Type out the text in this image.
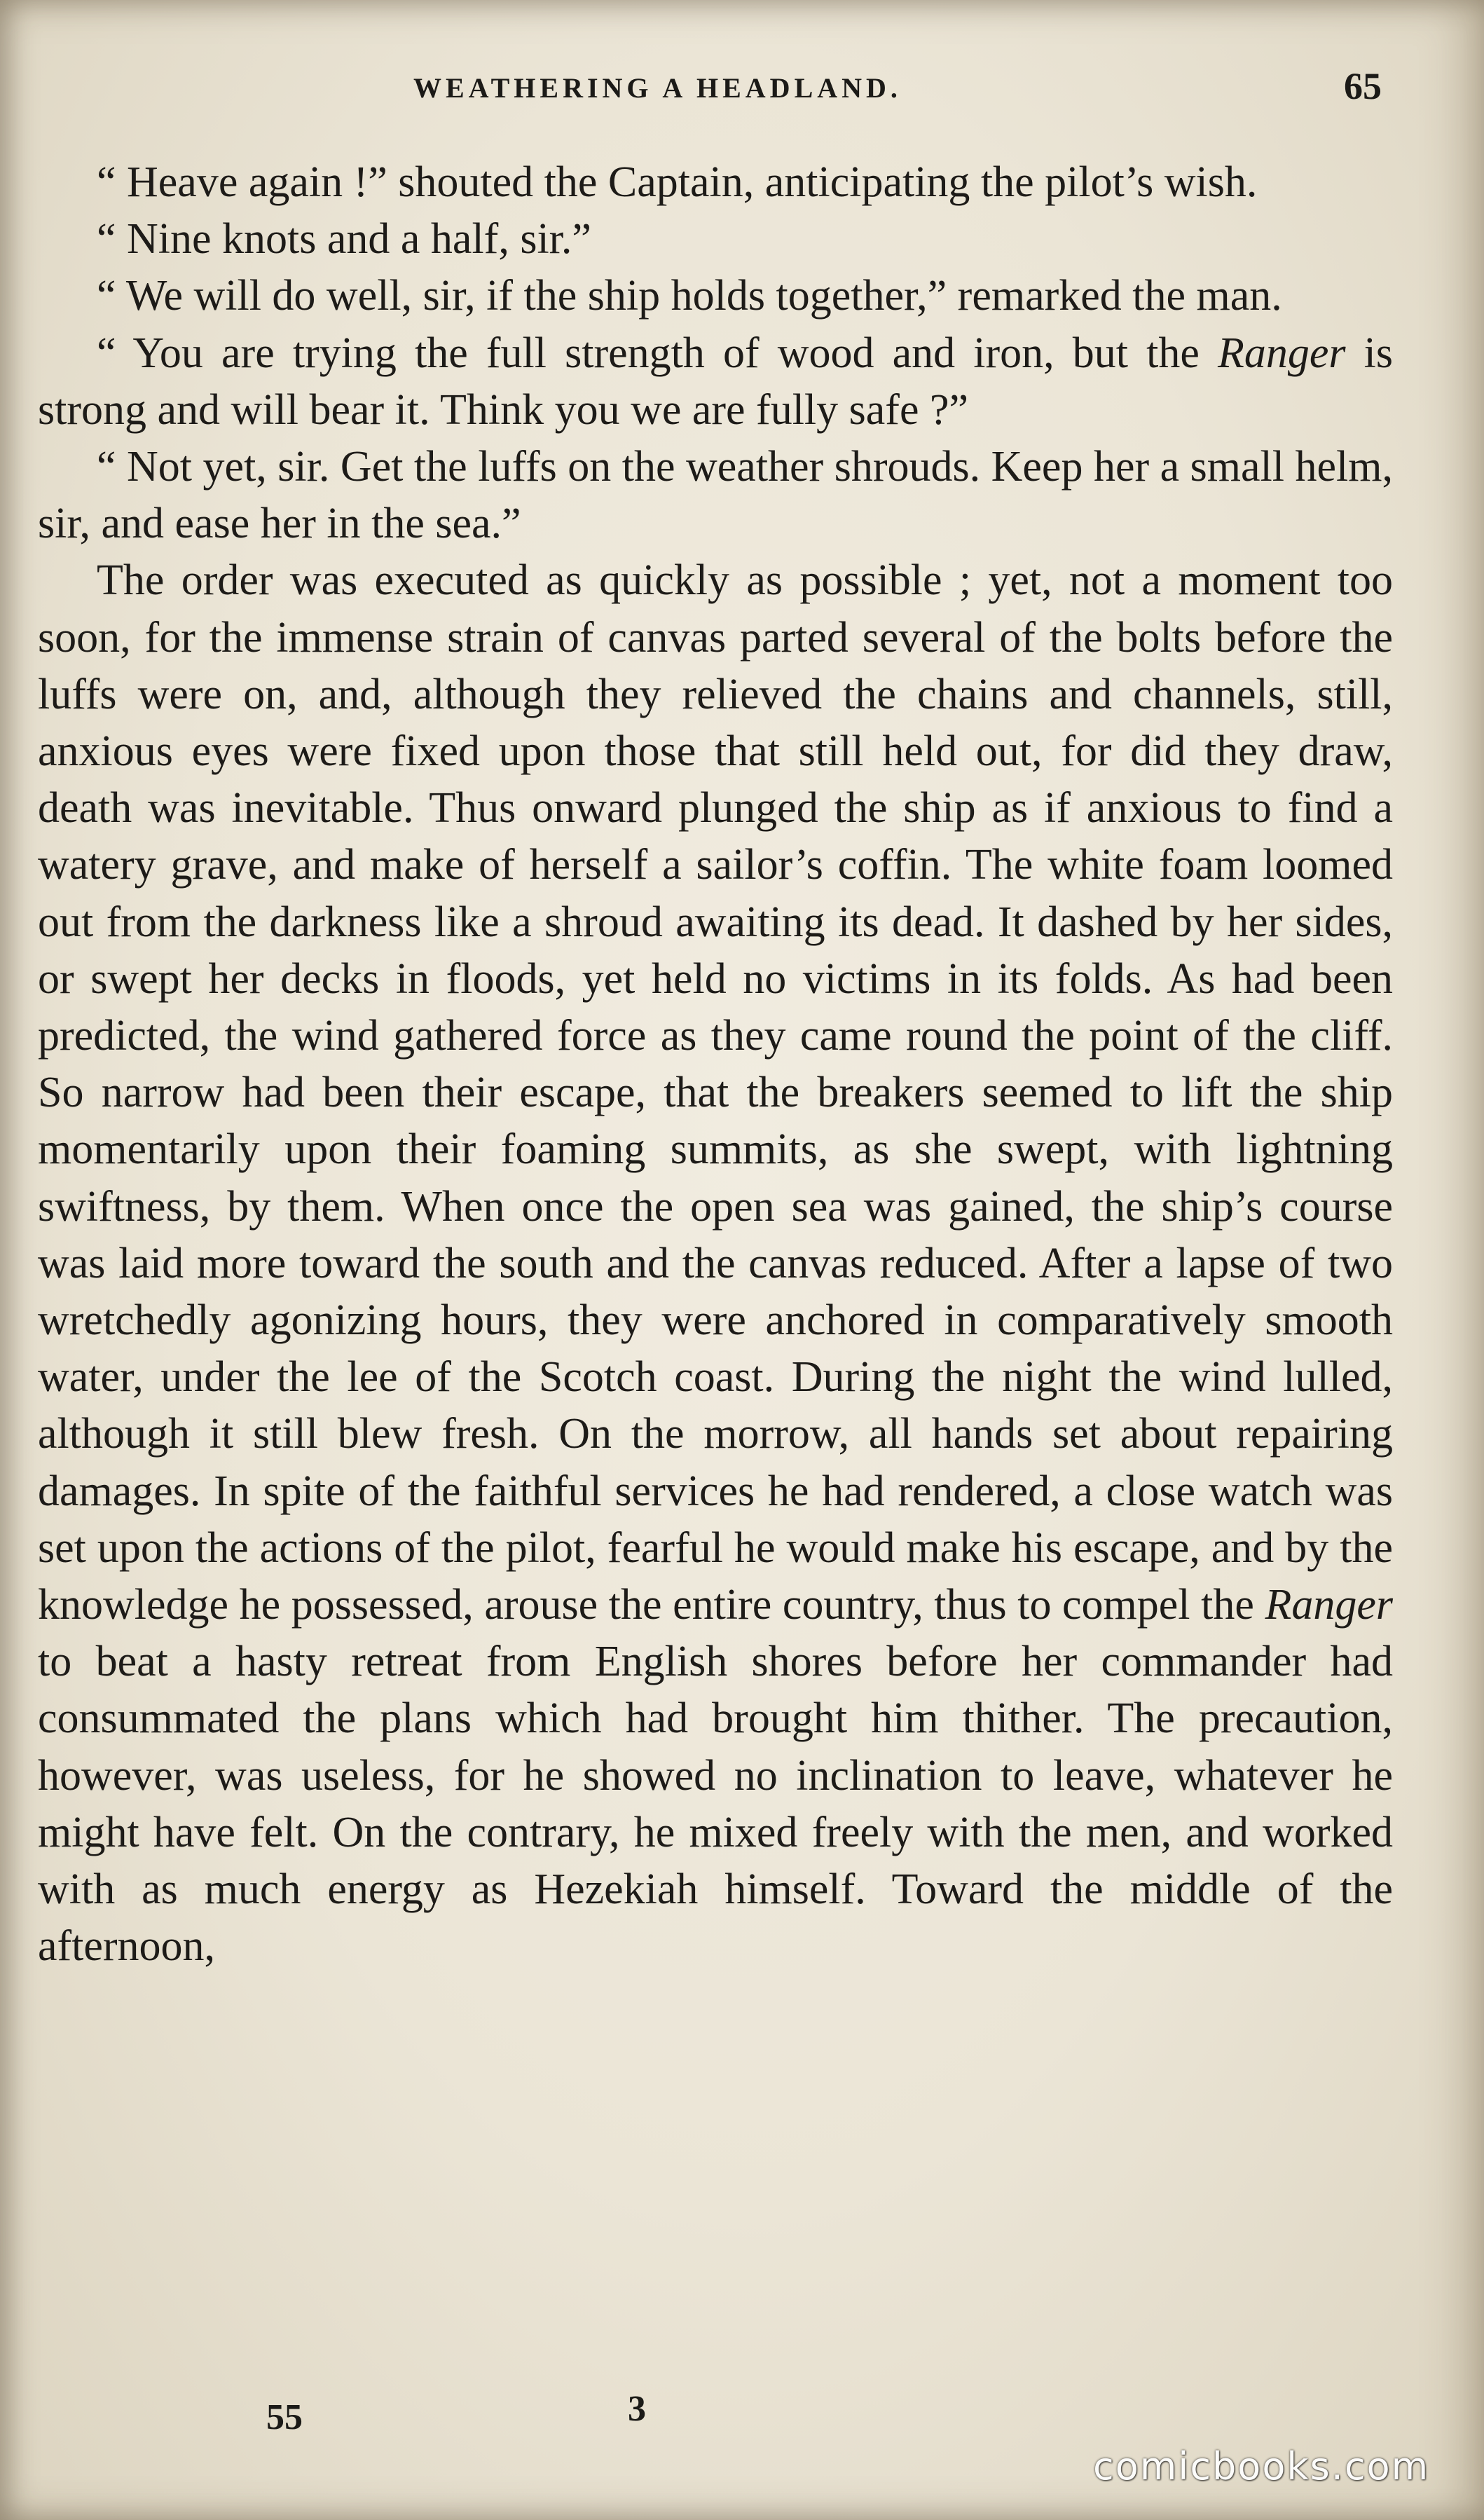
WEATHERING A HEADLAND.	65

“ Heave again !” shouted the Captain, anticipating the pilot’s wish.

“ Nine knots and a half, sir.”

“ We will do well, sir, if the ship holds together,” remarked the man.

“ You are trying the full strength of wood and iron, but the Ranger is strong and will bear it. Think you we are fully safe ?”

“ Not yet, sir. Get the luffs on the weather shrouds. Keep her a small helm, sir, and ease her in the sea.”

The order was executed as quickly as possible ; yet, not a moment too soon, for the immense strain of canvas parted several of the bolts before the luffs were on, and, although they relieved the chains and channels, still, anxious eyes were fixed upon those that still held out, for did they draw, death was inevitable. Thus onward plunged the ship as if anxious to find a watery grave, and make of herself a sailor’s coffin. The white foam loomed out from the darkness like a shroud awaiting its dead. It dashed by her sides, or swept her decks in floods, yet held no victims in its folds. As had been predicted, the wind gathered force as they came round the point of the cliff. So narrow had been their escape, that the breakers seemed to lift the ship momentarily upon their foaming summits, as she swept, with lightning swiftness, by them. When once the open sea was gained, the ship’s course was laid more toward the south and the canvas reduced. After a lapse of two wretchedly agonizing hours, they were anchored in comparatively smooth water, under the lee of the Scotch coast. During the night the wind lulled, although it still blew fresh. On the morrow, all hands set about repairing damages. In spite of the faithful services he had rendered, a close watch was set upon the actions of the pilot, fearful he would make his escape, and by the knowledge he possessed, arouse the entire country, thus to compel the Ranger to beat a hasty retreat from English shores before her commander had consummated the plans which had brought him thither. The precaution, however, was useless, for he showed no inclination to leave, whatever he might have felt. On the contrary, he mixed freely with the men, and worked with as much energy as Hezekiah himself. Toward the middle of the afternoon,

55	3
comicbooks.com
